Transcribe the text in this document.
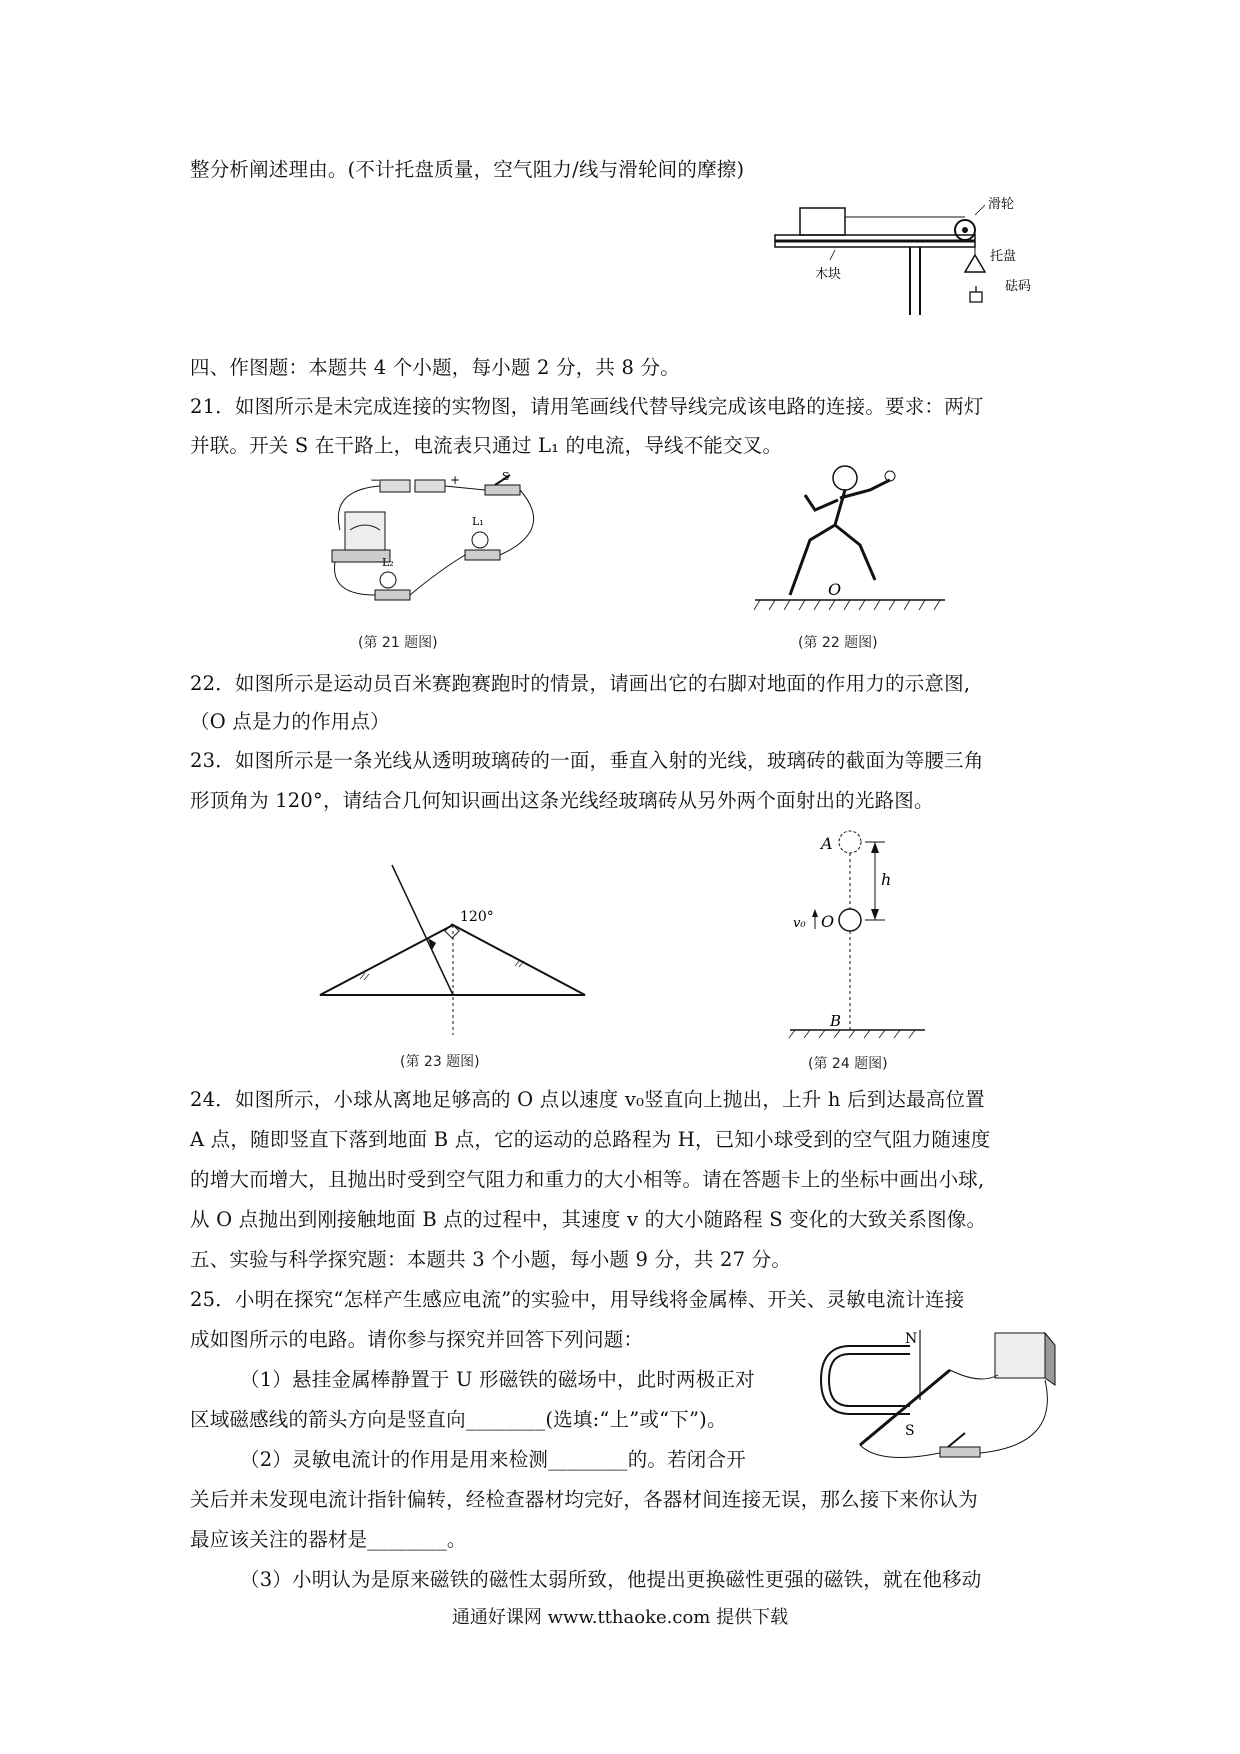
整分析阐述理由。(不计托盘质量，空气阻力/线与滑轮间的摩擦)
四、作图题：本题共 4 个小题，每小题 2 分，共 8 分。
21．如图所示是未完成连接的实物图，请用笔画线代替导线完成该电路的连接。要求：两灯
并联。开关 S 在干路上，电流表只通过 L₁ 的电流，导线不能交叉。
22．如图所示是运动员百米赛跑赛跑时的情景，请画出它的右脚对地面的作用力的示意图,
（O 点是力的作用点）
23．如图所示是一条光线从透明玻璃砖的一面，垂直入射的光线，玻璃砖的截面为等腰三角
形顶角为 120°，请结合几何知识画出这条光线经玻璃砖从另外两个面射出的光路图。
24．如图所示，小球从离地足够高的 O 点以速度 v₀竖直向上抛出，上升 h 后到达最高位置
A 点，随即竖直下落到地面 B 点，它的运动的总路程为 H，已知小球受到的空气阻力随速度
的增大而增大，且抛出时受到空气阻力和重力的大小相等。请在答题卡上的坐标中画出小球,
从 O 点抛出到刚接触地面 B 点的过程中，其速度 v 的大小随路程 S 变化的大致关系图像。
五、实验与科学探究题：本题共 3 个小题，每小题 9 分，共 27 分。
25．小明在探究“怎样产生感应电流”的实验中，用导线将金属棒、开关、灵敏电流计连接
成如图所示的电路。请你参与探究并回答下列问题：
（1）悬挂金属棒静置于 U 形磁铁的磁场中，此时两极正对
区域磁感线的箭头方向是竖直向________(选填:“上”或“下”)。
（2）灵敏电流计的作用是用来检测________的。若闭合开
关后并未发现电流计指针偏转，经检查器材均完好，各器材间连接无误，那么接下来你认为
最应该关注的器材是________。
（3）小明认为是原来磁铁的磁性太弱所致，他提出更换磁性更强的磁铁，就在他移动
滑轮
托盘
木块
砝码
−	+	S
L₁
L₂
(第 21 题图)
O
(第 22 题图)
120°
(第 23 题图)
h
A
O
v₀
B
(第 24 题图)
N
S
通通好课网 www.tthaoke.com 提供下载
